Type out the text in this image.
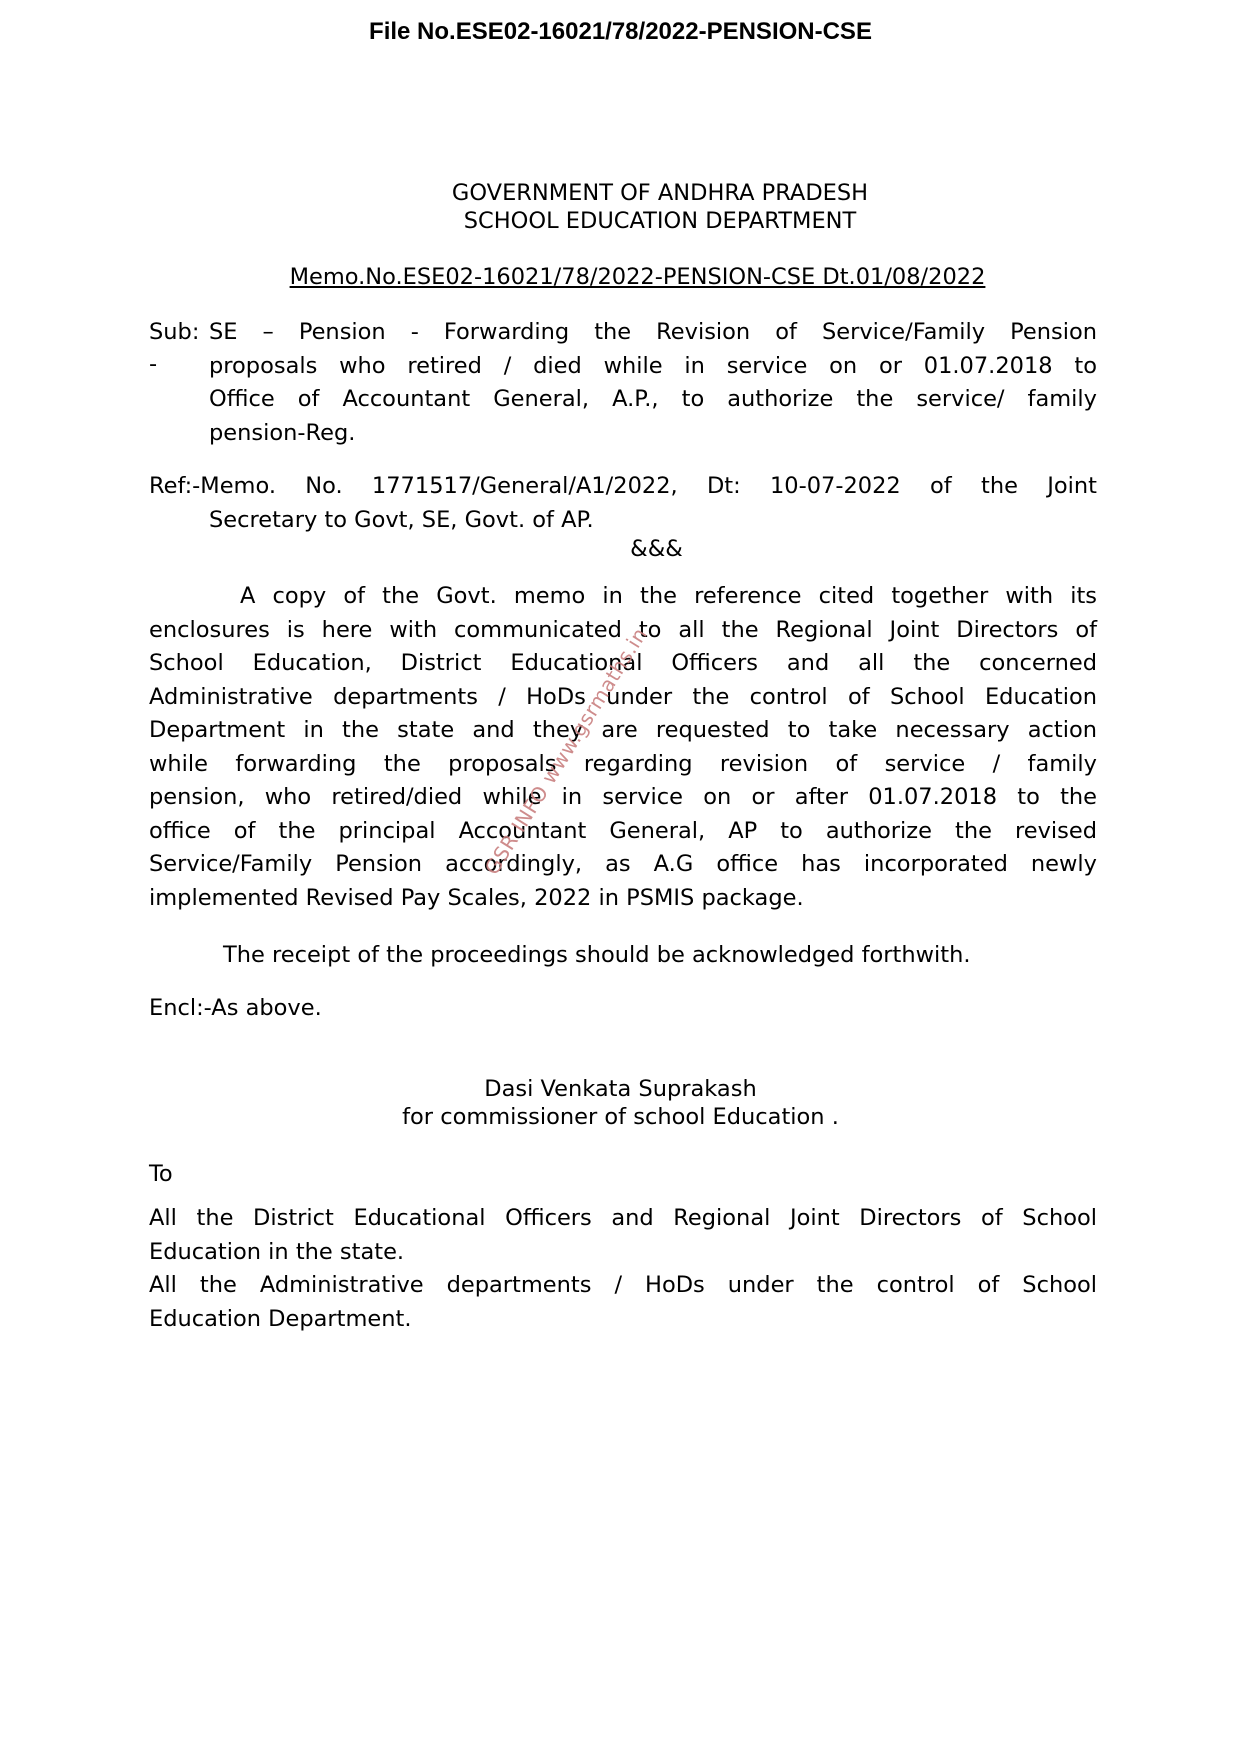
File No.ESE02-16021/78/2022-PENSION-CSE
GOVERNMENT OF ANDHRA PRADESH
SCHOOL EDUCATION DEPARTMENT
Memo.No.ESE02-16021/78/2022-PENSION-CSE Dt.01/08/2022
Sub:
-
SE – Pension - Forwarding the Revision of Service/Family Pension
proposals who retired / died while in service on or 01.07.2018 to
Office of Accountant General, A.P., to authorize the service/ family
pension-Reg.
Ref:-Memo. No. 1771517/General/A1/2022, Dt: 10-07-2022 of the Joint
Secretary to Govt, SE, Govt. of AP.
&&&
A copy of the Govt. memo in the reference cited together with its
enclosures is here with communicated to all the Regional Joint Directors of
School Education, District Educational Officers and all the concerned
Administrative departments / HoDs under the control of School Education
Department in the state and they are requested to take necessary action
while forwarding the proposals regarding revision of service / family
pension, who retired/died while in service on or after 01.07.2018 to the
office of the principal Accountant General, AP to authorize the revised
Service/Family Pension accordingly, as A.G office has incorporated newly
implemented Revised Pay Scales, 2022 in PSMIS package.
The receipt of the proceedings should be acknowledged forthwith.
Encl:-As above.
Dasi Venkata Suprakash
for commissioner of school Education .
To
All the District Educational Officers and Regional Joint Directors of School
Education in the state.
All the Administrative departments / HoDs under the control of School
Education Department.
GSR INFO www.gsrmaths.in
